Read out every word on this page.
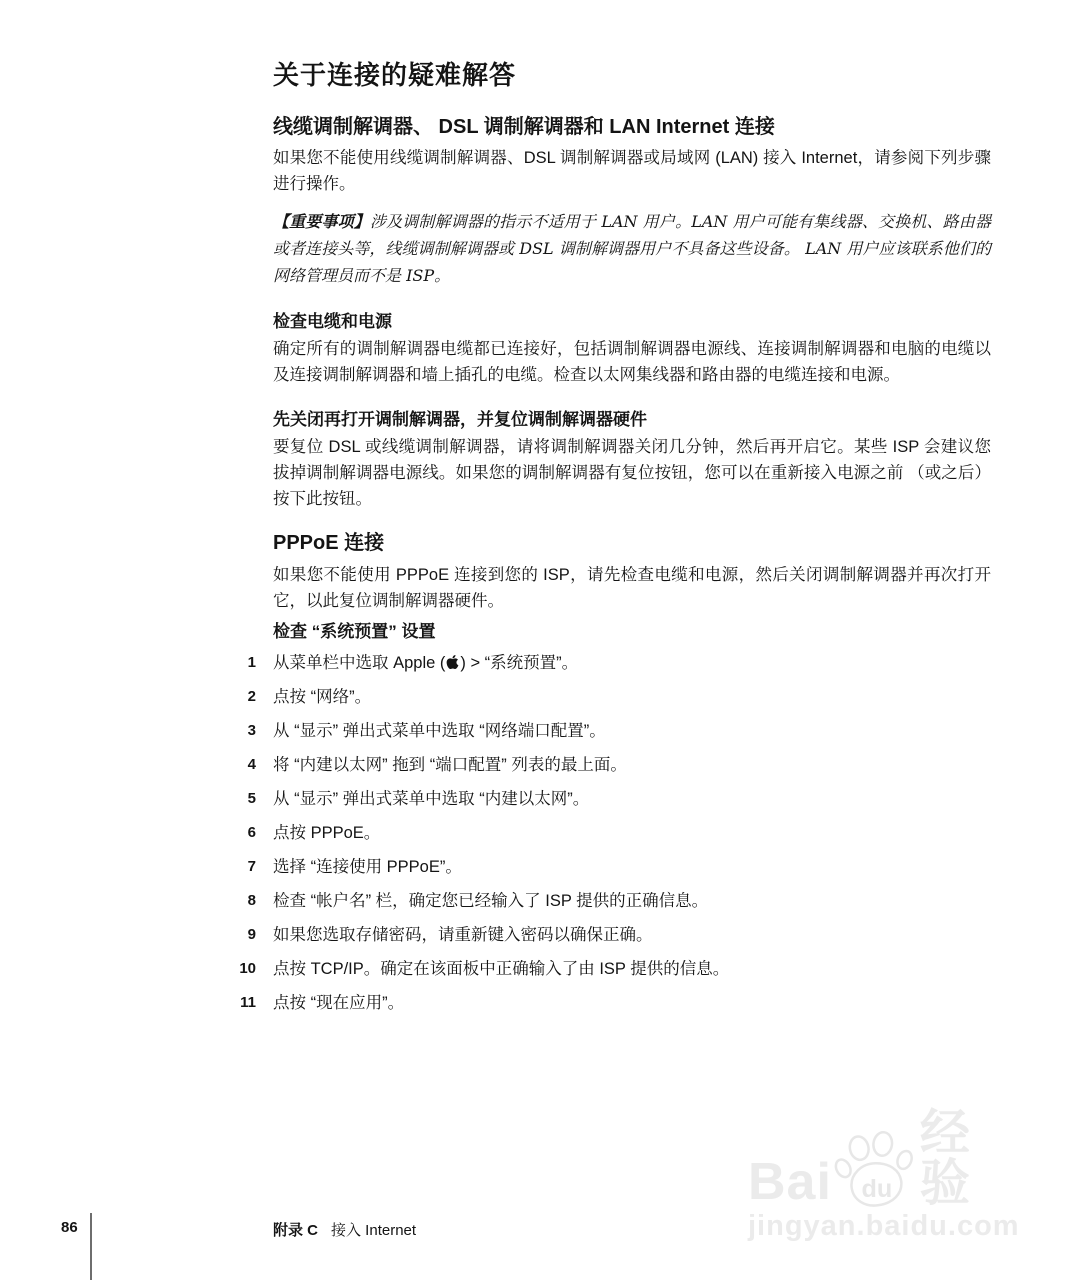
关于连接的疑难解答
线缆调制解调器、 DSL 调制解调器和 LAN Internet 连接

如果您不能使用线缆调制解调器、DSL 调制解调器或局域网 (LAN) 接入 Internet，请参阅下列步骤进行操作。

【重要事项】涉及调制解调器的指示不适用于 LAN 用户。LAN 用户可能有集线器、交换机、路由器或者连接头等，线缆调制解调器或 DSL 调制解调器用户不具备这些设备。 LAN 用户应该联系他们的网络管理员而不是 ISP。

检查电缆和电源

确定所有的调制解调器电缆都已连接好，包括调制解调器电源线、连接调制解调器和电脑的电缆以及连接调制解调器和墙上插孔的电缆。检查以太网集线器和路由器的电缆连接和电源。

先关闭再打开调制解调器，并复位调制解调器硬件

要复位 DSL 或线缆调制解调器，请将调制解调器关闭几分钟，然后再开启它。某些 ISP 会建议您拔掉调制解调器电源线。如果您的调制解调器有复位按钮，您可以在重新接入电源之前 （或之后）按下此按钮。

PPPoE 连接

如果您不能使用 PPPoE 连接到您的 ISP，请先检查电缆和电源，然后关闭调制解调器并再次打开它，以此复位调制解调器硬件。

检查 “系统预置” 设置
1 从菜单栏中选取 Apple ( ) > “系统预置”。
2 点按 “网络”。
3 从 “显示” 弹出式菜单中选取 “网络端口配置”。
4 将 “内建以太网” 拖到 “端口配置” 列表的最上面。
5 从 “显示” 弹出式菜单中选取 “内建以太网”。
6 点按 PPPoE。
7 选择 “连接使用 PPPoE”。
8 检查 “帐户名” 栏，确定您已经输入了 ISP 提供的正确信息。
9 如果您选取存储密码，请重新键入密码以确保正确。
10 点按 TCP/IP。确定在该面板中正确输入了由 ISP 提供的信息。
11 点按 “现在应用”。
86	附录 C 接入 Internet
Bai du
经验
jingyan.baidu.com
